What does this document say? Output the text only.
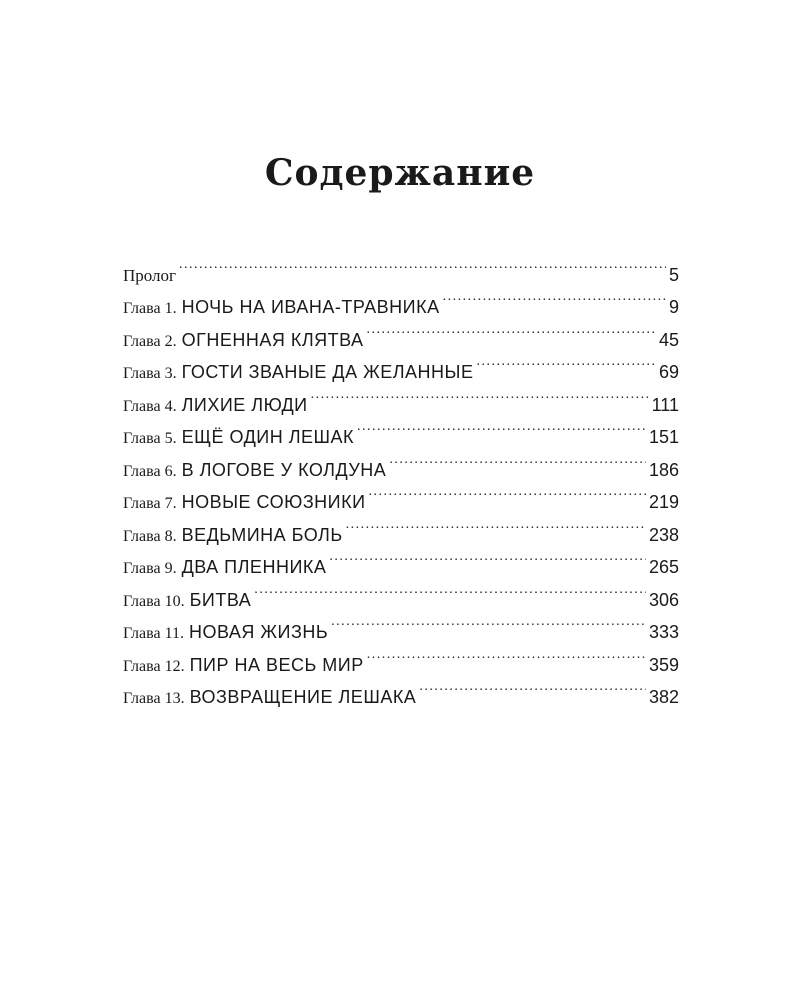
Содержание
Пролог .....	5
Глава 1. НОЧЬ НА ИВАНА-ТРАВНИКА .....	9
Глава 2. ОГНЕННАЯ КЛЯТВА .....	45
Глава 3. ГОСТИ ЗВАНЫЕ ДА ЖЕЛАННЫЕ .....	69
Глава 4. ЛИХИЕ ЛЮДИ .....	111
Глава 5. ЕЩЁ ОДИН ЛЕШАК .....	151
Глава 6. В ЛОГОВЕ У КОЛДУНА .....	186
Глава 7. НОВЫЕ СОЮЗНИКИ .....	219
Глава 8. ВЕДЬМИНА БОЛЬ .....	238
Глава 9. ДВА ПЛЕННИКА .....	265
Глава 10. БИТВА .....	306
Глава 11. НОВАЯ ЖИЗНЬ .....	333
Глава 12. ПИР НА ВЕСЬ МИР .....	359
Глава 13. ВОЗВРАЩЕНИЕ ЛЕШАКА .....	382
